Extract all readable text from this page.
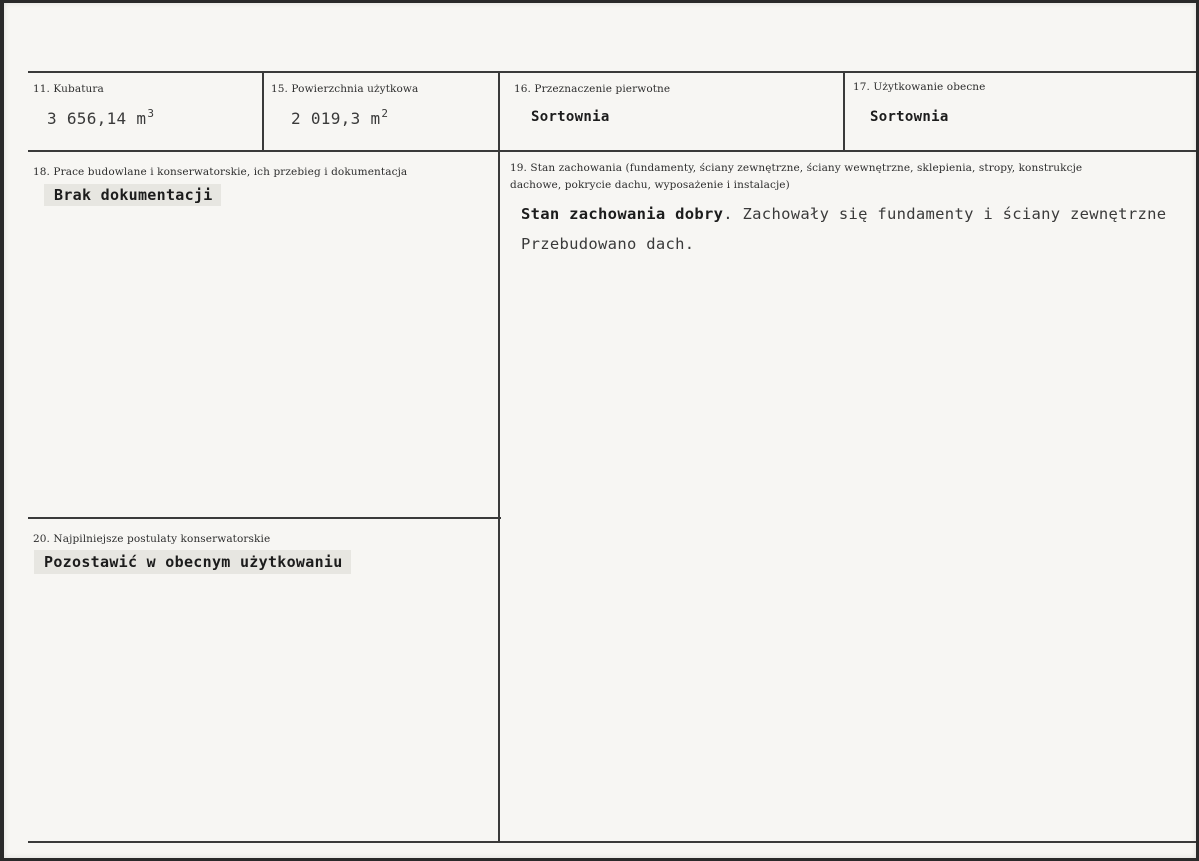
11. Kubatura
3 656,14 $m^3$
15. Powierzchnia użytkowa
2 019,3 $m^2$
16. Przeznaczenie pierwotne
Sortownia
17. Użytkowanie obecne
Sortownia
18. Prace budowlane i konserwatorskie, ich przebieg i dokumentacja
Brak dokumentacji
19. Stan zachowania (fundamenty, ściany zewnętrzne, ściany wewnętrzne, sklepienia, stropy, konstrukcje dachowe, pokrycie dachu, wyposażenie i instalacje)
Stan zachowania dobry. Zachowały się fundamenty i ściany zewnętrzne
Przebudowano dach.
20. Najpilniejsze postulaty konserwatorskie
Pozostawić w obecnym użytkowaniu
